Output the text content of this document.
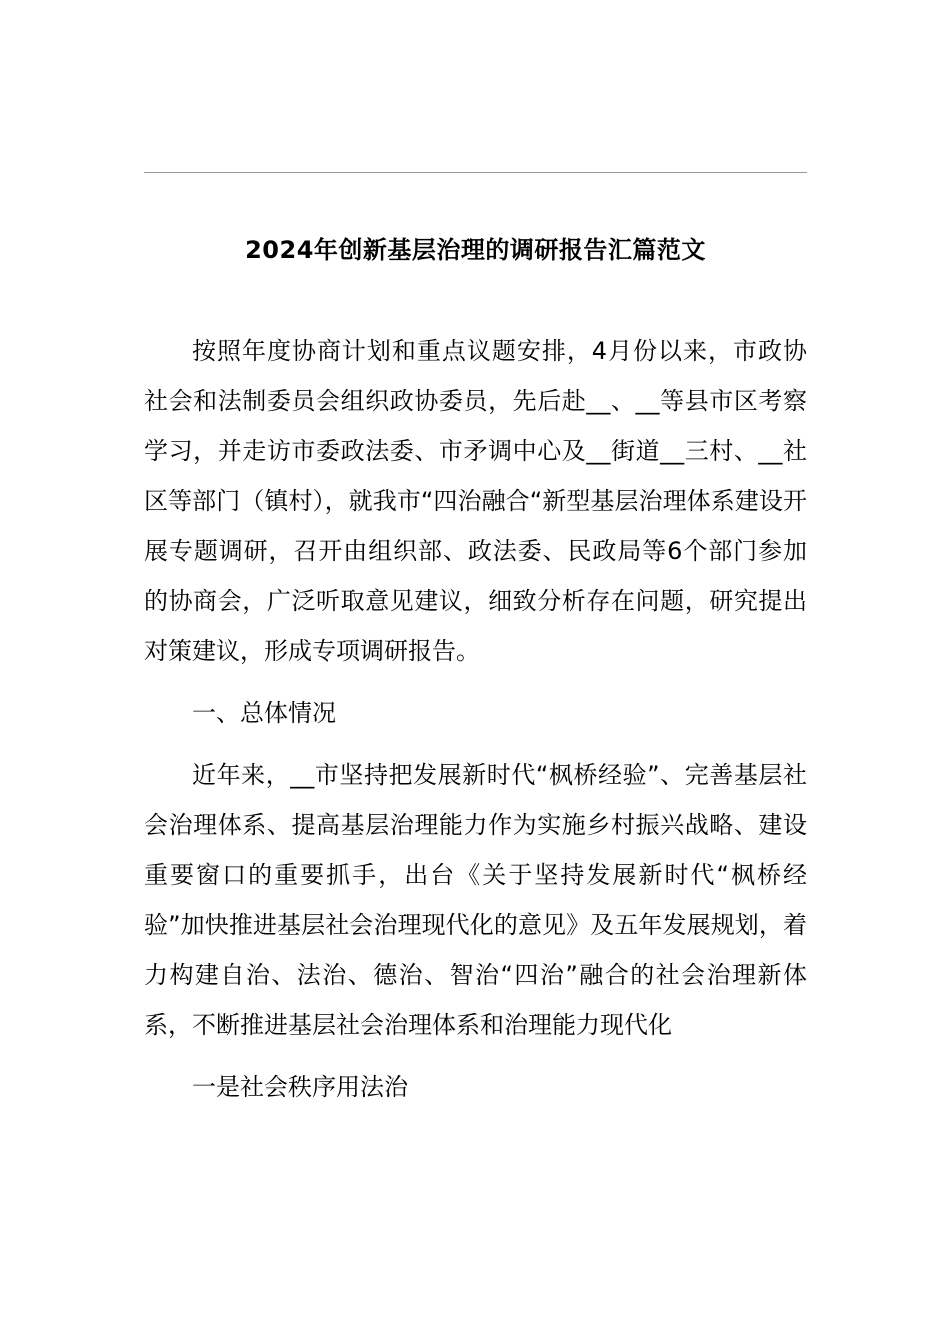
2024年创新基层治理的调研报告汇篇范文

按照年度协商计划和重点议题安排，4月份以来，市政协社会和法制委员会组织政协委员，先后赴__、__等县市区考察学习，并走访市委政法委、市矛调中心及__街道__三村、__社区等部门（镇村），就我市“四治融合“新型基层治理体系建设开展专题调研，召开由组织部、政法委、民政局等6个部门参加的协商会，广泛听取意见建议，细致分析存在问题，研究提出对策建议，形成专项调研报告。

一、总体情况

近年来，__市坚持把发展新时代“枫桥经验”、完善基层社会治理体系、提高基层治理能力作为实施乡村振兴战略、建设重要窗口的重要抓手，出台《关于坚持发展新时代“枫桥经验”加快推进基层社会治理现代化的意见》及五年发展规划，着力构建自治、法治、德治、智治“四治”融合的社会治理新体系，不断推进基层社会治理体系和治理能力现代化

一是社会秩序用法治
